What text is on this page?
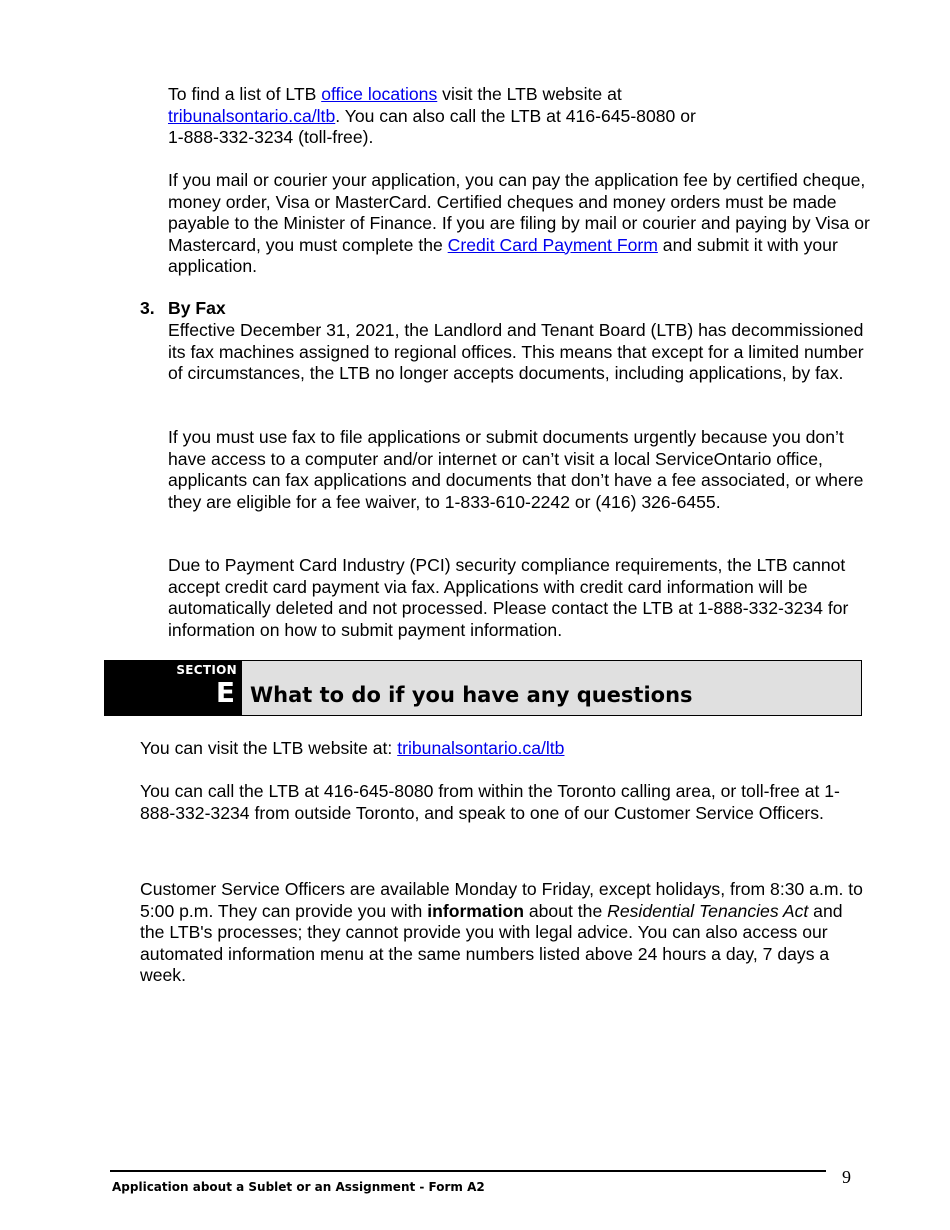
To find a list of LTB office locations visit the LTB website at
tribunalsontario.ca/ltb. You can also call the LTB at 416-645-8080 or
1-888-332-3234 (toll-free).

If you mail or courier your application, you can pay the application fee by certified cheque, money order, Visa or MasterCard. Certified cheques and money orders must be made payable to the Minister of Finance. If you are filing by mail or courier and paying by Visa or Mastercard, you must complete the Credit Card Payment Form and submit it with your application.

3. By Fax

Effective December 31, 2021, the Landlord and Tenant Board (LTB) has decommissioned its fax machines assigned to regional offices. This means that except for a limited number of circumstances, the LTB no longer accepts documents, including applications, by fax.

If you must use fax to file applications or submit documents urgently because you don’t have access to a computer and/or internet or can’t visit a local ServiceOntario office, applicants can fax applications and documents that don’t have a fee associated, or where they are eligible for a fee waiver, to 1-833-610-2242 or (416) 326-6455.

Due to Payment Card Industry (PCI) security compliance requirements, the LTB cannot accept credit card payment via fax. Applications with credit card information will be automatically deleted and not processed. Please contact the LTB at 1-888-332-3234 for information on how to submit payment information.

SECTION
E What to do if you have any questions

You can visit the LTB website at: tribunalsontario.ca/ltb

You can call the LTB at 416-645-8080 from within the Toronto calling area, or toll-free at 1-888-332-3234 from outside Toronto, and speak to one of our Customer Service Officers.

Customer Service Officers are available Monday to Friday, except holidays, from 8:30 a.m. to 5:00 p.m. They can provide you with information about the Residential Tenancies Act and the LTB's processes; they cannot provide you with legal advice. You can also access our automated information menu at the same numbers listed above 24 hours a day, 7 days a week.

Application about a Sublet or an Assignment - Form A2	9
